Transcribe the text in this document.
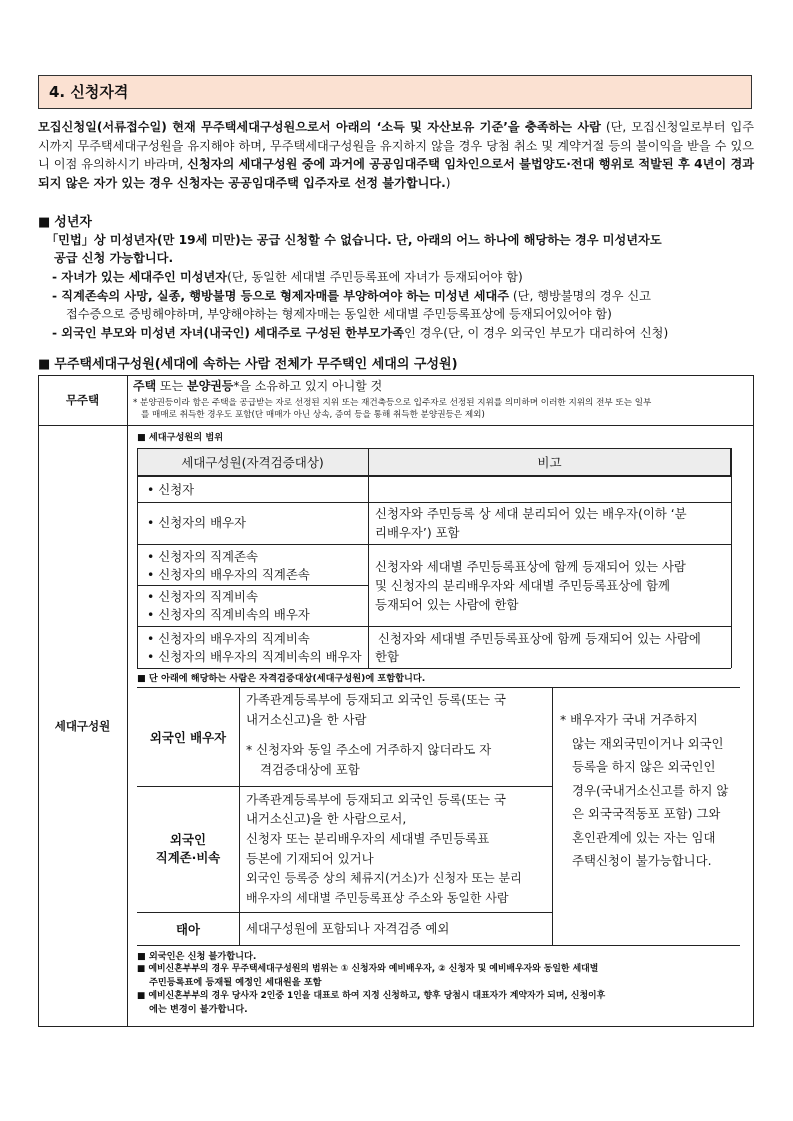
4. 신청자격
모집신청일(서류접수일) 현재 무주택세대구성원으로서 아래의 ‘소득 및 자산보유 기준’을 충족하는 사람 (단, 모집신청일로부터 입주 시까지 무주택세대구성원을 유지해야 하며, 무주택세대구성원을 유지하지 않을 경우 당첨 취소 및 계약거절 등의 불이익을 받을 수 있으니 이점 유의하시기 바라며, 신청자의 세대구성원 중에 과거에 공공임대주택 임차인으로서 불법양도·전대 행위로 적발된 후 4년이 경과되지 않은 자가 있는 경우 신청자는 공공임대주택 입주자로 선정 불가합니다.)
■ 성년자
「민법」상 미성년자(만 19세 미만)는 공급 신청할 수 없습니다. 단, 아래의 어느 하나에 해당하는 경우 미성년자도
공급 신청 가능합니다.
- 자녀가 있는 세대주인 미성년자(단, 동일한 세대별 주민등록표에 자녀가 등재되어야 함)
- 직계존속의 사망, 실종, 행방불명 등으로 형제자매를 부양하여야 하는 미성년 세대주 (단, 행방불명의 경우 신고
접수증으로 증빙해야하며, 부양해야하는 형제자매는 동일한 세대별 주민등록표상에 등재되어있어야 함)
- 외국인 부모와 미성년 자녀(내국인) 세대주로 구성된 한부모가족인 경우(단, 이 경우 외국인 부모가 대리하여 신청)
■ 무주택세대구성원(세대에 속하는 사람 전체가 무주택인 세대의 구성원)
무주택
주택 또는 분양권등*을 소유하고 있지 아니할 것
* 분양권등이라 함은 주택을 공급받는 자로 선정된 지위 또는 재건축등으로 입주자로 선정된 지위를 의미하며 이러한 지위의 전부 또는 일부
를 매매로 취득한 경우도 포함(단 매매가 아닌 상속, 증여 등을 통해 취득한 분양권등은 제외)
세대구성원
■ 세대구성원의 범위
세대구성원(자격검증대상)	비고
• 신청자
• 신청자의 배우자
신청자와 주민등록 상 세대 분리되어 있는 배우자(이하 ‘분
리배우자’) 포함
• 신청자의 직계존속
• 신청자의 배우자의 직계존속
• 신청자의 직계비속
• 신청자의 직계비속의 배우자
신청자와 세대별 주민등록표상에 함께 등재되어 있는 사람
및 신청자의 분리배우자와 세대별 주민등록표상에 함께
등재되어 있는 사람에 한함
• 신청자의 배우자의 직계비속
• 신청자의 배우자의 직계비속의 배우자
신청자와 세대별 주민등록표상에 함께 등재되어 있는 사람에
한함
■ 단 아래에 해당하는 사람은 자격검증대상(세대구성원)에 포함합니다.
외국인 배우자
가족관계등록부에 등재되고 외국인 등록(또는 국
내거소신고)을 한 사람
* 신청자와 동일 주소에 거주하지 않더라도 자
격검증대상에 포함
외국인
직계존·비속
가족관계등록부에 등재되고 외국인 등록(또는 국
내거소신고)을 한 사람으로서,
신청자 또는 분리배우자의 세대별 주민등록표
등본에 기재되어 있거나
외국인 등록증 상의 체류지(거소)가 신청자 또는 분리
배우자의 세대별 주민등록표상 주소와 동일한 사람
태아	세대구성원에 포함되나 자격검증 예외
* 배우자가 국내 거주하지
않는 재외국민이거나 외국인
등록을 하지 않은 외국인인
경우(국내거소신고를 하지 않
은 외국국적동포 포함) 그와
혼인관계에 있는 자는 임대
주택신청이 불가능합니다.
■ 외국인은 신청 불가합니다.
■ 예비신혼부부의 경우 무주택세대구성원의 범위는 ① 신청자와 예비배우자, ② 신청자 및 예비배우자와 동일한 세대별
주민등록표에 등재될 예정인 세대원을 포함
■ 예비신혼부부의 경우 당사자 2인중 1인을 대표로 하여 지정 신청하고, 향후 당첨시 대표자가 계약자가 되며, 신청이후
에는 변경이 불가합니다.
